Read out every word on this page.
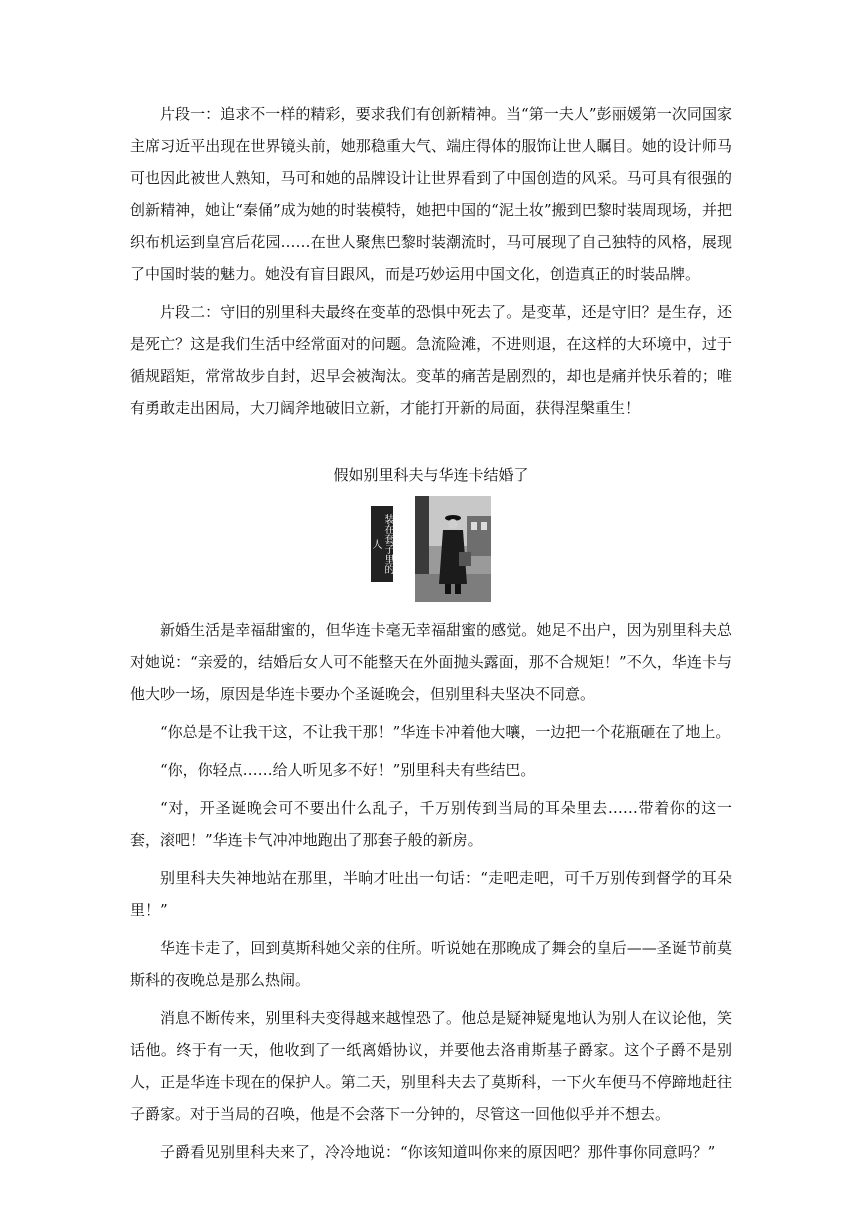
片段一：追求不一样的精彩，要求我们有创新精神。当“第一夫人”彭丽媛第一次同国家主席习近平出现在世界镜头前，她那稳重大气、端庄得体的服饰让世人瞩目。她的设计师马可也因此被世人熟知，马可和她的品牌设计让世界看到了中国创造的风采。马可具有很强的创新精神，她让“秦俑”成为她的时装模特，她把中国的“泥土妆”搬到巴黎时装周现场，并把织布机运到皇宫后花园……在世人聚焦巴黎时装潮流时，马可展现了自己独特的风格，展现了中国时装的魅力。她没有盲目跟风，而是巧妙运用中国文化，创造真正的时装品牌。

片段二：守旧的别里科夫最终在变革的恐惧中死去了。是变革，还是守旧？是生存，还是死亡？这是我们生活中经常面对的问题。急流险滩，不进则退，在这样的大环境中，过于循规蹈矩，常常故步自封，迟早会被淘汰。变革的痛苦是剧烈的，却也是痛并快乐着的；唯有勇敢走出困局，大刀阔斧地破旧立新，才能打开新的局面，获得涅槃重生！

假如别里科夫与华连卡结婚了
装在套子里的人

新婚生活是幸福甜蜜的，但华连卡毫无幸福甜蜜的感觉。她足不出户，因为别里科夫总对她说：“亲爱的，结婚后女人可不能整天在外面抛头露面，那不合规矩！”不久，华连卡与他大吵一场，原因是华连卡要办个圣诞晚会，但别里科夫坚决不同意。

“你总是不让我干这，不让我干那！”华连卡冲着他大嚷，一边把一个花瓶砸在了地上。

“你，你轻点……给人听见多不好！”别里科夫有些结巴。

“对，开圣诞晚会可不要出什么乱子，千万别传到当局的耳朵里去……带着你的这一套，滚吧！”华连卡气冲冲地跑出了那套子般的新房。

别里科夫失神地站在那里，半晌才吐出一句话：“走吧走吧，可千万别传到督学的耳朵里！”

华连卡走了，回到莫斯科她父亲的住所。听说她在那晚成了舞会的皇后——圣诞节前莫斯科的夜晚总是那么热闹。

消息不断传来，别里科夫变得越来越惶恐了。他总是疑神疑鬼地认为别人在议论他，笑话他。终于有一天，他收到了一纸离婚协议，并要他去洛甫斯基子爵家。这个子爵不是别人，正是华连卡现在的保护人。第二天，别里科夫去了莫斯科，一下火车便马不停蹄地赶往子爵家。对于当局的召唤，他是不会落下一分钟的，尽管这一回他似乎并不想去。

子爵看见别里科夫来了，冷冷地说：“你该知道叫你来的原因吧？那件事你同意吗？”
